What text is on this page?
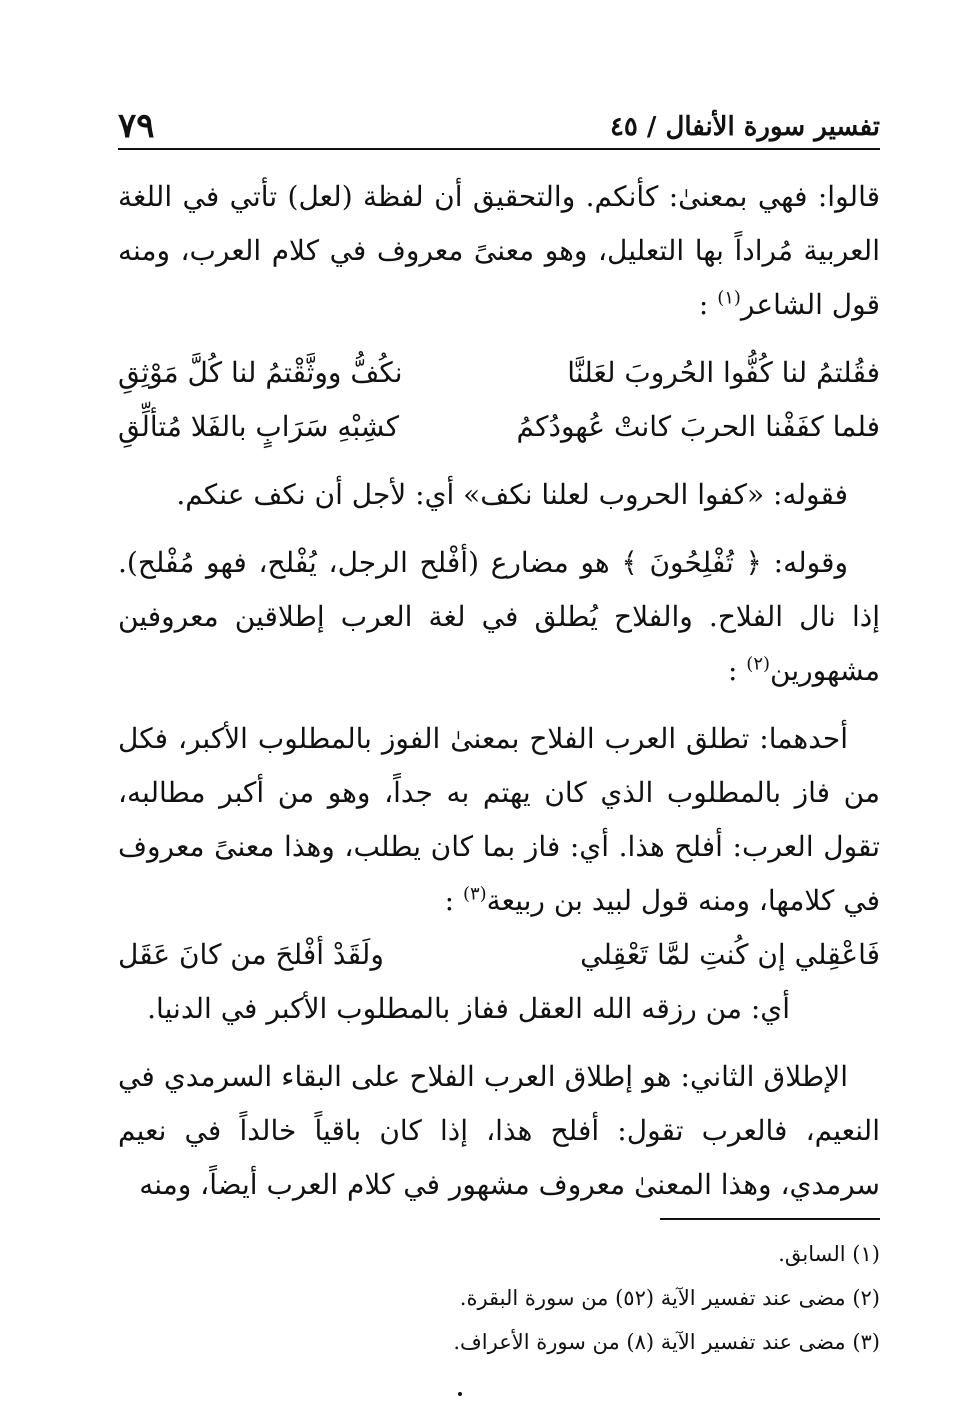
تفسير سورة الأنفال / ٤٥
٧٩

قالوا: فهي بمعنىٰ: كأنكم. والتحقيق أن لفظة (لعل) تأتي في اللغة العربية مُراداً بها التعليل، وهو معنىً معروف في كلام العرب، ومنه قول الشاعر$^{(١)}$ :

فقُلتمُ لنا كُفُّوا الحُروبَ لعَلنَّا
نكُفُّ ووثَّقْتمُ لنا كُلَّ مَوْثِقِ
فلما كفَفْنا الحربَ كانتْ عُهودُكمُ
كشِبْهِ سَرَابٍ بالفَلا مُتألِّقِ

فقوله: «كفوا الحروب لعلنا نكف» أي: لأجل أن نكف عنكم.

وقوله: ﴿ تُفْلِحُونَ ﴾ هو مضارع (أفْلح الرجل، يُفْلح، فهو مُفْلح). إذا نال الفلاح. والفلاح يُطلق في لغة العرب إطلاقين معروفين مشهورين$^{(٢)}$ :

أحدهما: تطلق العرب الفلاح بمعنىٰ الفوز بالمطلوب الأكبر، فكل من فاز بالمطلوب الذي كان يهتم به جداً، وهو من أكبر مطالبه، تقول العرب: أفلح هذا. أي: فاز بما كان يطلب، وهذا معنىً معروف في كلامها، ومنه قول لبيد بن ربيعة$^{(٣)}$ :

فَاعْقِلي إن كُنتِ لمَّا تَعْقِلي
ولَقَدْ أفْلحَ من كانَ عَقَل

أي: من رزقه الله العقل ففاز بالمطلوب الأكبر في الدنيا.

الإطلاق الثاني: هو إطلاق العرب الفلاح على البقاء السرمدي في النعيم، فالعرب تقول: أفلح هذا، إذا كان باقياً خالداً في نعيم سرمدي، وهذا المعنىٰ معروف مشهور في كلام العرب أيضاً، ومنه

(١) السابق.

(٢) مضى عند تفسير الآية (٥٢) من سورة البقرة.

(٣) مضى عند تفسير الآية (٨) من سورة الأعراف.
